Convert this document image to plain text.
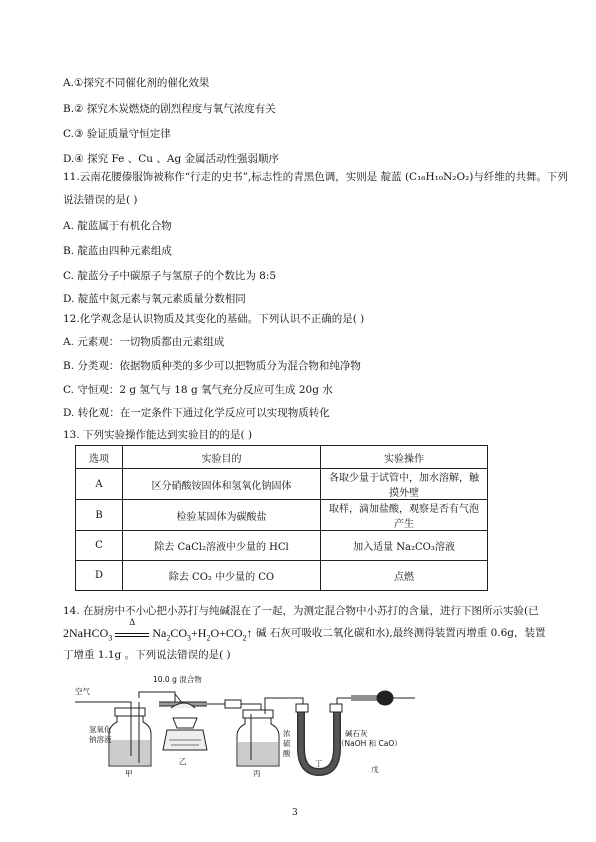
A.①探究不同催化剂的催化效果
B.② 探究木炭燃烧的剧烈程度与氧气浓度有关
C.③ 验证质量守恒定律
D.④ 探究 Fe 、Cu 、Ag 金属活动性强弱顺序
11.云南花腰傣服饰被称作“行走的史书”,标志性的青黑色调，实则是 靛蓝 (C₁₆H₁₀N₂O₂)与纤维的共舞。下列
说法错误的是( )
A. 靛蓝属于有机化合物
B. 靛蓝由四种元素组成
C. 靛蓝分子中碳原子与氢原子的个数比为 8:5
D. 靛蓝中氮元素与氧元素质量分数相同
12.化学观念是认识物质及其变化的基础。下列认识不正确的是( )
A. 元素观：一切物质都由元素组成
B. 分类观：依据物质种类的多少可以把物质分为混合物和纯净物
C. 守恒观：2 g 氢气与 18 g 氧气充分反应可生成 20g 水
D. 转化观：在一定条件下通过化学反应可以实现物质转化
13. 下列实验操作能达到实验目的的是( )
选项	实验目的	实验操作
A	区分硝酸铵固体和氢氧化钠固体	各取少量于试管中，加水溶解，触摸外壁
B	检验某固体为碳酸盐	取样，滴加盐酸，观察是否有气泡产生
C	除去 CaCl₂溶液中少量的 HCl	加入适量 Na₂CO₃溶液
D	除去 CO₂ 中少量的 CO	点燃
14. 在厨房中不小心把小苏打与纯碱混在了一起，为测定混合物中小苏打的含量，进行下图所示实验(已
2NaHCO$_3$
Δ
$Na_2CO_3+H_2O+CO_2↑$ 碱 石灰可吸收二氧化碳和水),最终测得装置丙增重 0.6g，装置
丁增重 1.1g 。下列说法错误的是( )
空气
10.0 g 混合物
氢氧化
钠溶液
浓
硫
酸
碱石灰
（NaOH 和 CaO）
甲
乙
丙
丁
戊
3
